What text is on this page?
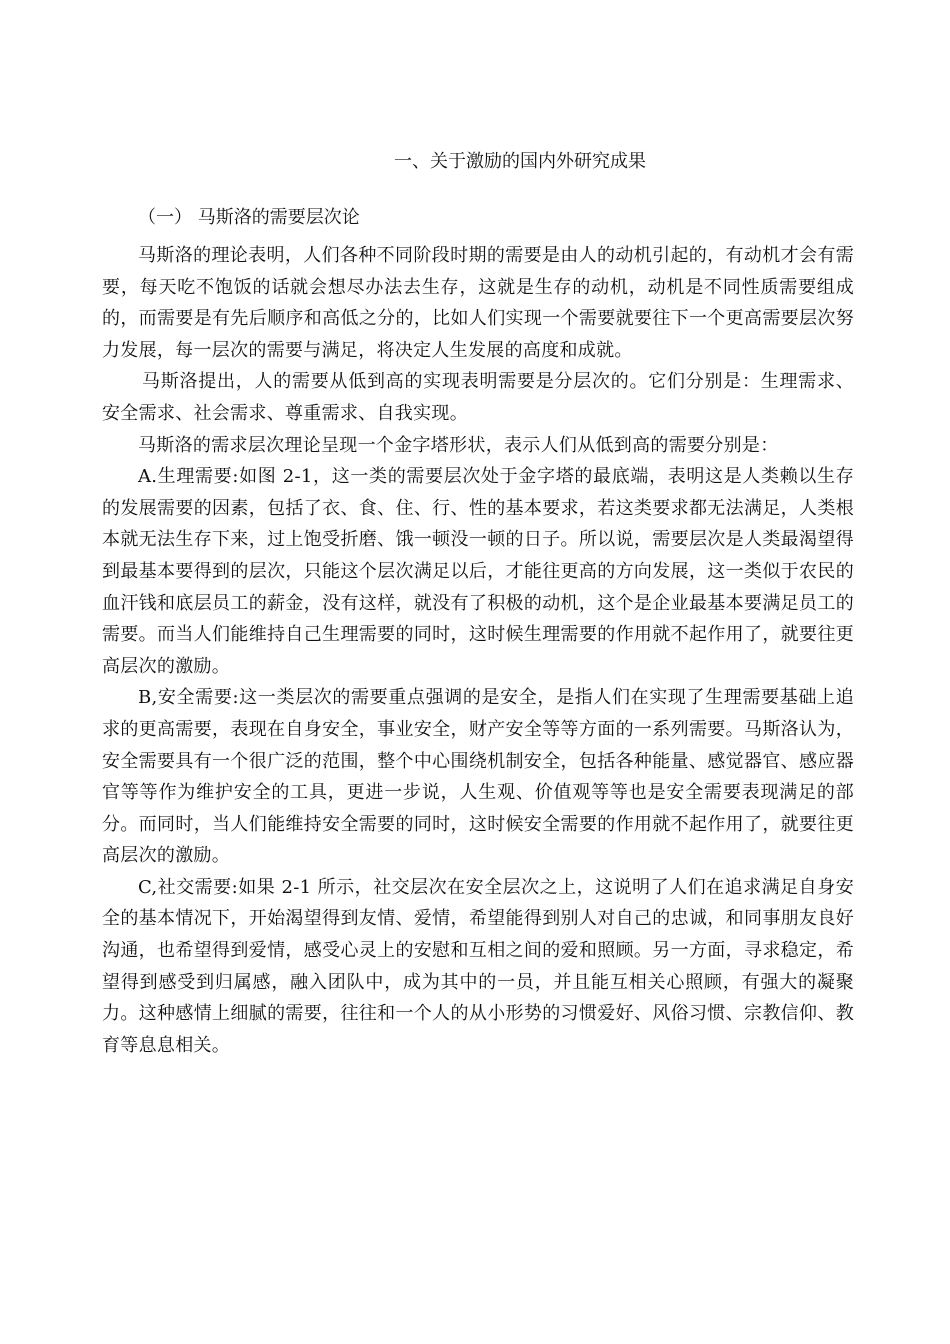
一、关于激励的国内外研究成果
（一） 马斯洛的需要层次论

马斯洛的理论表明，人们各种不同阶段时期的需要是由人的动机引起的，有动机才会有需要，每天吃不饱饭的话就会想尽办法去生存，这就是生存的动机，动机是不同性质需要组成的，而需要是有先后顺序和高低之分的，比如人们实现一个需要就要往下一个更高需要层次努力发展，每一层次的需要与满足，将决定人生发展的高度和成就。

马斯洛提出，人的需要从低到高的实现表明需要是分层次的。它们分别是：生理需求、安全需求、社会需求、尊重需求、自我实现。

马斯洛的需求层次理论呈现一个金字塔形状，表示人们从低到高的需要分别是：

A.生理需要:如图 2-1，这一类的需要层次处于金字塔的最底端，表明这是人类赖以生存的发展需要的因素，包括了衣、食、住、行、性的基本要求，若这类要求都无法满足，人类根本就无法生存下来，过上饱受折磨、饿一顿没一顿的日子。所以说，需要层次是人类最渴望得到最基本要得到的层次，只能这个层次满足以后，才能往更高的方向发展，这一类似于农民的血汗钱和底层员工的薪金，没有这样，就没有了积极的动机，这个是企业最基本要满足员工的需要。而当人们能维持自己生理需要的同时，这时候生理需要的作用就不起作用了，就要往更高层次的激励。

B,安全需要:这一类层次的需要重点强调的是安全，是指人们在实现了生理需要基础上追求的更高需要，表现在自身安全，事业安全，财产安全等等方面的一系列需要。马斯洛认为，安全需要具有一个很广泛的范围，整个中心围绕机制安全，包括各种能量、感觉器官、感应器官等等作为维护安全的工具，更进一步说，人生观、价值观等等也是安全需要表现满足的部分。而同时，当人们能维持安全需要的同时，这时候安全需要的作用就不起作用了，就要往更高层次的激励。

C,社交需要:如果 2-1 所示，社交层次在安全层次之上，这说明了人们在追求满足自身安全的基本情况下，开始渴望得到友情、爱情，希望能得到别人对自己的忠诚，和同事朋友良好沟通，也希望得到爱情，感受心灵上的安慰和互相之间的爱和照顾。另一方面，寻求稳定，希望得到感受到归属感，融入团队中，成为其中的一员，并且能互相关心照顾，有强大的凝聚力。这种感情上细腻的需要，往往和一个人的从小形势的习惯爱好、风俗习惯、宗教信仰、教育等息息相关。
